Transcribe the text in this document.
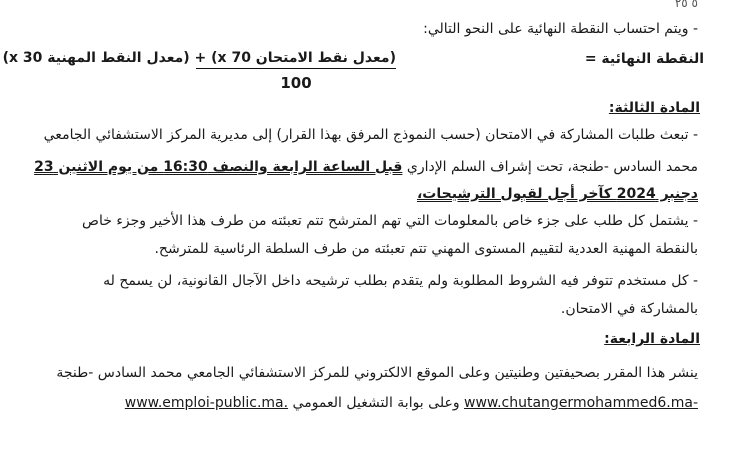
٥ ٢٥
- ويتم احتساب النقطة النهائية على النحو التالي:
النقطة النهائية =
(معدل نقط الامتحان x 70) + (معدل النقط المهنية x 30)
100
المادة الثالثة:
- تبعث طلبات المشاركة في الامتحان (حسب النموذج المرفق بهذا القرار) إلى مديرية المركز الاستشفائي الجامعي
محمد السادس -طنجة، تحت إشراف السلم الإداري قبل الساعة الرابعة والنصف 16:30 من يوم الاثنين 23
دجنبر 2024 كآخر أجل لقبول الترشيحات،
- يشتمل كل طلب على جزء خاص بالمعلومات التي تهم المترشح تتم تعبئته من طرف هذا الأخير وجزء خاص
بالنقطة المهنية العددية لتقييم المستوى المهني تتم تعبئته من طرف السلطة الرئاسية للمترشح.
- كل مستخدم تتوفر فيه الشروط المطلوبة ولم يتقدم بطلب ترشيحه داخل الآجال القانونية، لن يسمح له
بالمشاركة في الامتحان.
المادة الرابعة:
ينشر هذا المقرر بصحيفتين وطنيتين وعلى الموقع الالكتروني للمركز الاستشفائي الجامعي محمد السادس -طنجة
www.chutangermohammed6.ma- وعلى بوابة التشغيل العمومي www.emploi-public.ma.
